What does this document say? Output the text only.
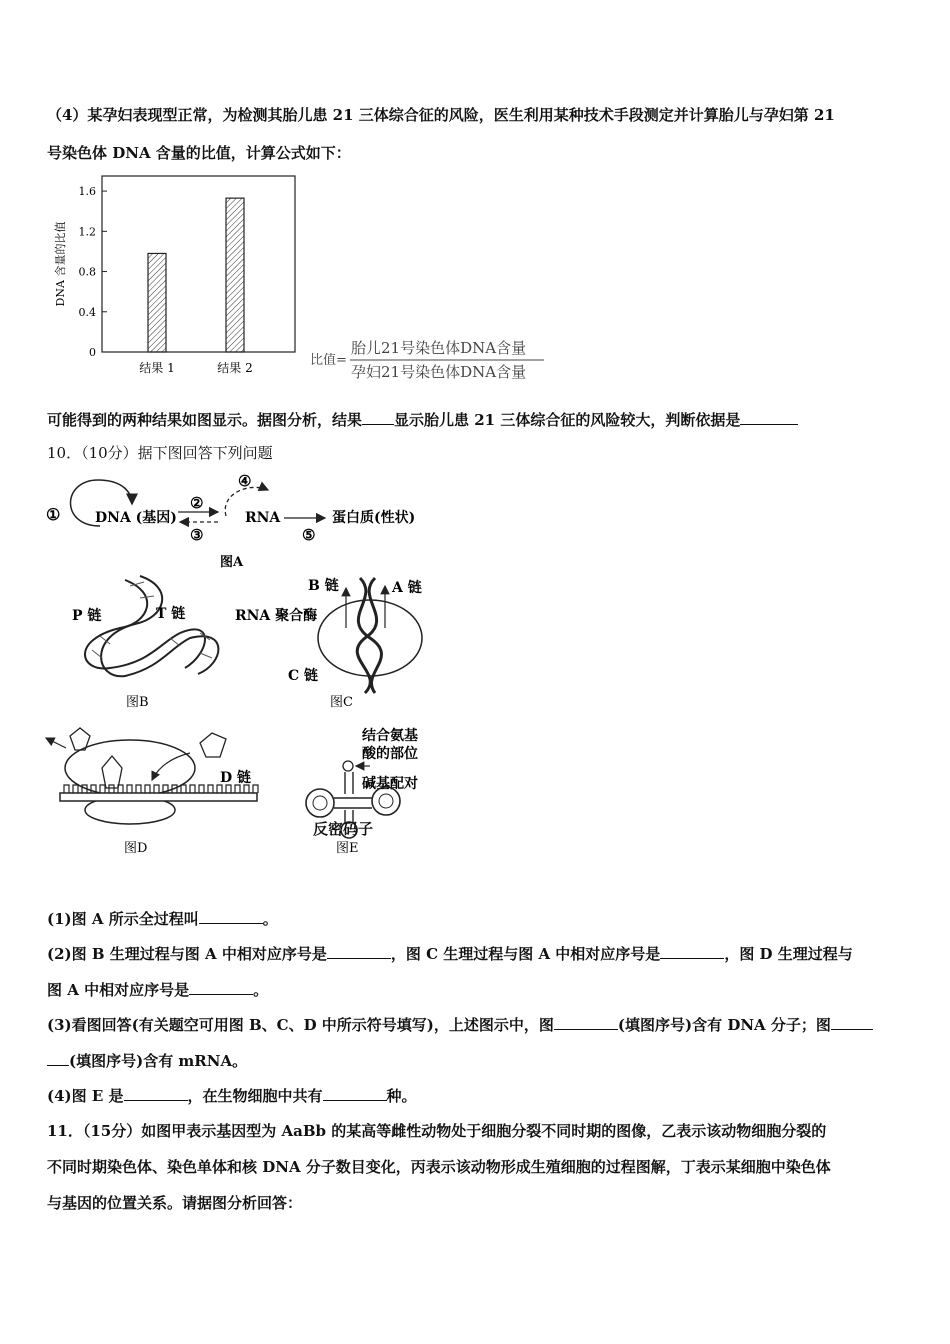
（4）某孕妇表现型正常，为检测其胎儿患 21 三体综合征的风险，医生利用某种技术手段测定并计算胎儿与孕妇第 21
号染色体 DNA 含量的比值，计算公式如下：
0
0.4
0.8
1.2
1.6
结果 1	结果 2
DNA 含量的比值
比值=
胎儿21号染色体DNA含量
孕妇21号染色体DNA含量
可能得到的两种结果如图显示。据图分析，结果 显示胎儿患 21 三体综合征的风险较大，判断依据是
10．（10分）据下图回答下列问题
① DNA (基因)
②
③
④
RNA
⑤
蛋白质(性状)
图A
P 链	T 链
图B
B 链	A 链
RNA 聚合酶
C 链
图C
D 链
图D
结合氨基
酸的部位
碱基配对
图E
反密码子
(1)图 A 所示全过程叫	。
(2)图 B 生理过程与图 A 中相对应序号是	，图 C 生理过程与图 A 中相对应序号是	，图 D 生理过程与
图 A 中相对应序号是	。
(3)看图回答(有关题空可用图 B、C、D 中所示符号填写)，上述图示中，图	(填图序号)含有 DNA 分子；图
(填图序号)含有 mRNA。
(4)图 E 是	，在生物细胞中共有	种。
11．（15分）如图甲表示基因型为 AaBb 的某高等雌性动物处于细胞分裂不同时期的图像，乙表示该动物细胞分裂的
不同时期染色体、染色单体和核 DNA 分子数目变化，丙表示该动物形成生殖细胞的过程图解，丁表示某细胞中染色体
与基因的位置关系。请据图分析回答：
